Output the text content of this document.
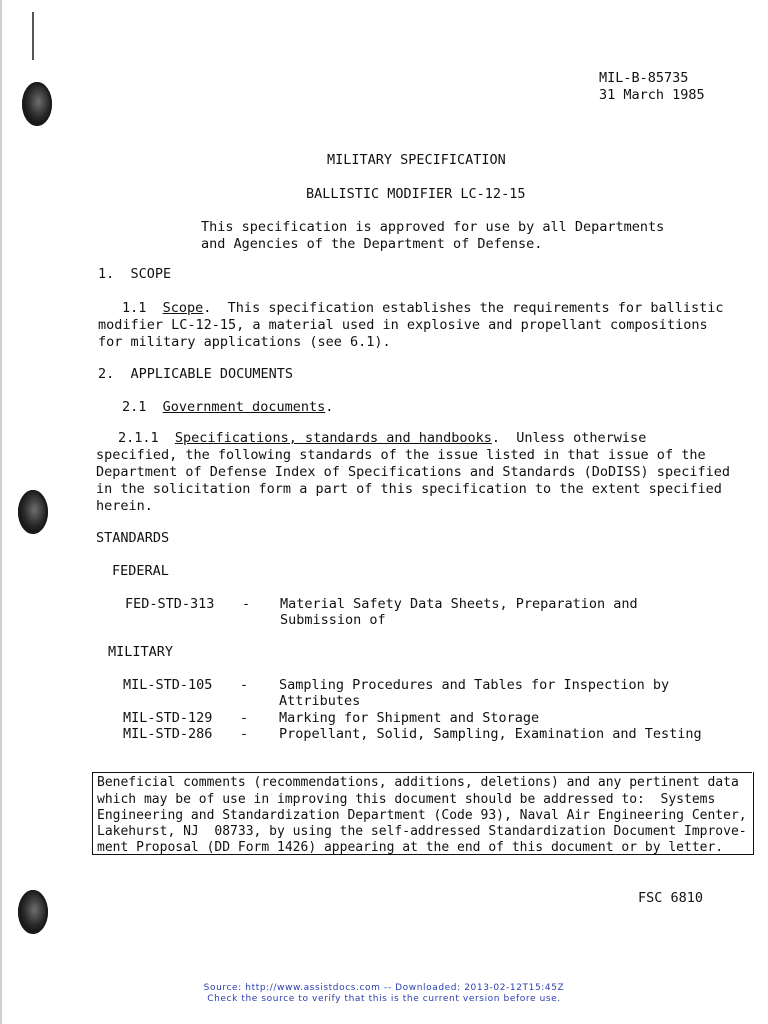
MIL-B-85735
31 March 1985
MILITARY SPECIFICATION
BALLISTIC MODIFIER LC-12-15
This specification is approved for use by all Departments
and Agencies of the Department of Defense.
1.  SCOPE
1.1 Scope.  This specification establishes the requirements for ballistic
modifier LC-12-15, a material used in explosive and propellant compositions
for military applications (see 6.1).
2.  APPLICABLE DOCUMENTS
2.1 Government documents.
2.1.1 Specifications, standards and handbooks.  Unless otherwise
specified, the following standards of the issue listed in that issue of the
Department of Defense Index of Specifications and Standards (DoDISS) specified
in the solicitation form a part of this specification to the extent specified
herein.
STANDARDS
FEDERAL
FED-STD-313 - Material Safety Data Sheets, Preparation and
Submission of
MILITARY
MIL-STD-105 - Sampling Procedures and Tables for Inspection by
Attributes
MIL-STD-129 - Marking for Shipment and Storage
MIL-STD-286 - Propellant, Solid, Sampling, Examination and Testing
Beneficial comments (recommendations, additions, deletions) and any pertinent data
which may be of use in improving this document should be addressed to:  Systems
Engineering and Standardization Department (Code 93), Naval Air Engineering Center,
Lakehurst, NJ  08733, by using the self-addressed Standardization Document Improve-
ment Proposal (DD Form 1426) appearing at the end of this document or by letter.
FSC 6810
Source: http://www.assistdocs.com -- Downloaded: 2013-02-12T15:45Z
Check the source to verify that this is the current version before use.
